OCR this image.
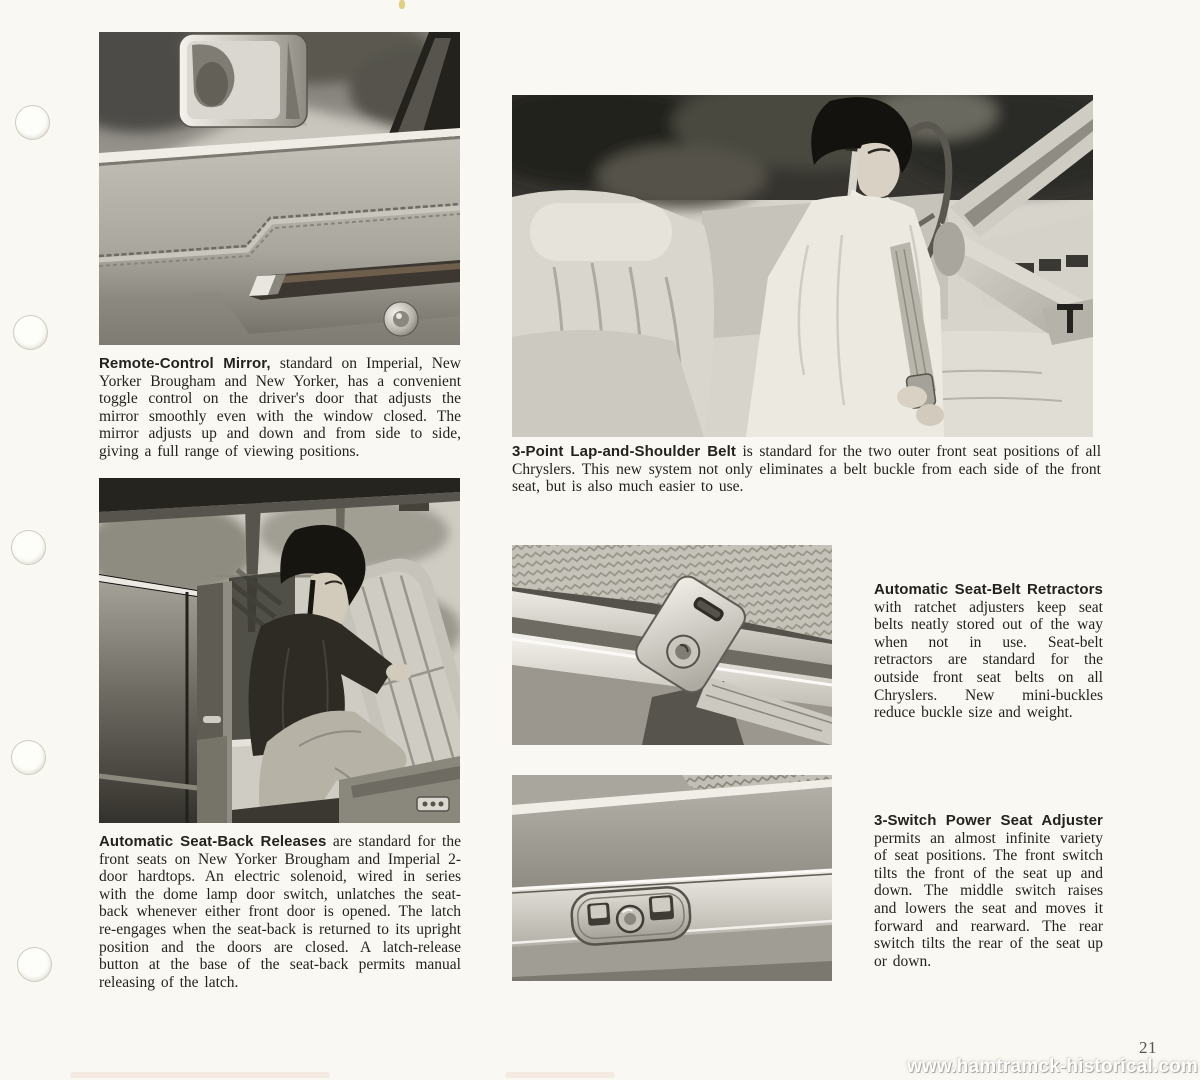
Remote-Control Mirror, standard on Imperial, New Yorker Brougham and New Yorker, has a convenient toggle control on the driver's door that adjusts the mirror smoothly even with the window closed. The mirror adjusts up and down and from side to side, giving a full range of viewing positions.	3-Point Lap-and-Shoulder Belt is standard for the two outer front seat positions of all Chryslers. This new system not only eliminates a belt buckle from each side of the front seat, but is also much easier to use.

Automatic Seat-Back Releases are standard for the front seats on New Yorker Brougham and Imperial 2-door hardtops. An electric solenoid, wired in series with the dome lamp door switch, unlatches the seat-back whenever either front door is opened. The latch re-engages when the seat-back is returned to its upright position and the doors are closed. A latch-release button at the base of the seat-back permits manual releasing of the latch.

Automatic Seat-Belt Retractors with ratchet adjusters keep seat belts neatly stored out of the way when not in use. Seat-belt retractors are standard for the outside front seat belts on all Chryslers. New mini-buckles reduce buckle size and weight.

3-Switch Power Seat Adjuster permits an almost infinite variety of seat positions. The front switch tilts the front of the seat up and down. The middle switch raises and lowers the seat and moves it forward and rearward. The rear switch tilts the rear of the seat up or down.

21
www.hamtramck-historical.com
